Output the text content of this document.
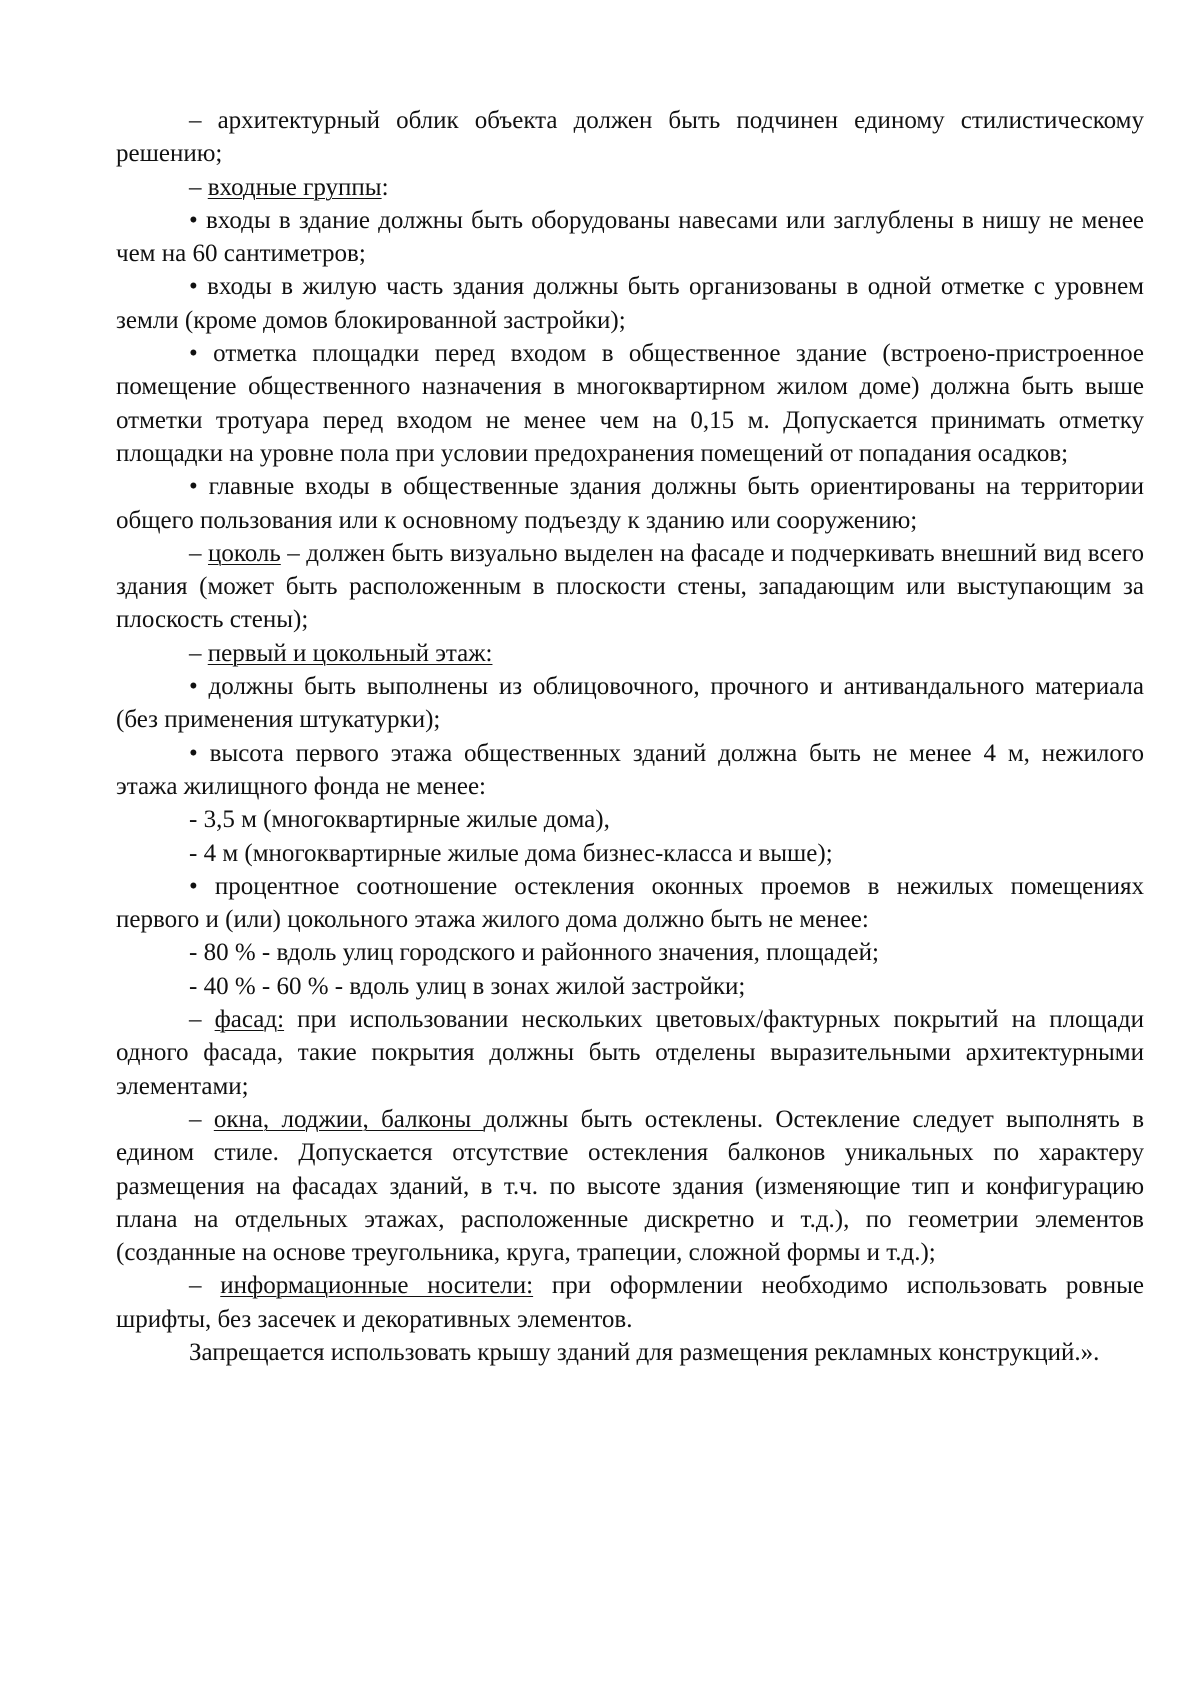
– архитектурный облик объекта должен быть подчинен единому стилистическому решению;

– входные группы:

• входы в здание должны быть оборудованы навесами или заглублены в нишу не менее чем на 60 сантиметров;

• входы в жилую часть здания должны быть организованы в одной отметке с уровнем земли (кроме домов блокированной застройки);

• отметка площадки перед входом в общественное здание (встроено-пристроенное помещение общественного назначения в многоквартирном жилом доме) должна быть выше отметки тротуара перед входом не менее чем на 0,15 м. Допускается принимать отметку площадки на уровне пола при условии предохранения помещений от попадания осадков;

• главные входы в общественные здания должны быть ориентированы на территории общего пользования или к основному подъезду к зданию или сооружению;

– цоколь – должен быть визуально выделен на фасаде и подчеркивать внешний вид всего здания (может быть расположенным в плоскости стены, западающим или выступающим за плоскость стены);

– первый и цокольный этаж:

• должны быть выполнены из облицовочного, прочного и антивандального материала (без применения штукатурки);

• высота первого этажа общественных зданий должна быть не менее 4 м, нежилого этажа жилищного фонда не менее:

- 3,5 м (многоквартирные жилые дома),

- 4 м (многоквартирные жилые дома бизнес-класса и выше);

• процентное соотношение остекления оконных проемов в нежилых помещениях первого и (или) цокольного этажа жилого дома должно быть не менее:

- 80 % - вдоль улиц городского и районного значения, площадей;

- 40 % - 60 % - вдоль улиц в зонах жилой застройки;

– фасад: при использовании нескольких цветовых/фактурных покрытий на площади одного фасада, такие покрытия должны быть отделены выразительными архитектурными элементами;

– окна, лоджии, балконы должны быть остеклены. Остекление следует выполнять в едином стиле. Допускается отсутствие остекления балконов уникальных по характеру размещения на фасадах зданий, в т.ч. по высоте здания (изменяющие тип и конфигурацию плана на отдельных этажах, расположенные дискретно и т.д.), по геометрии элементов (созданные на основе треугольника, круга, трапеции, сложной формы и т.д.);

– информационные носители: при оформлении необходимо использовать ровные шрифты, без засечек и декоративных элементов.

Запрещается использовать крышу зданий для размещения рекламных конструкций.».
